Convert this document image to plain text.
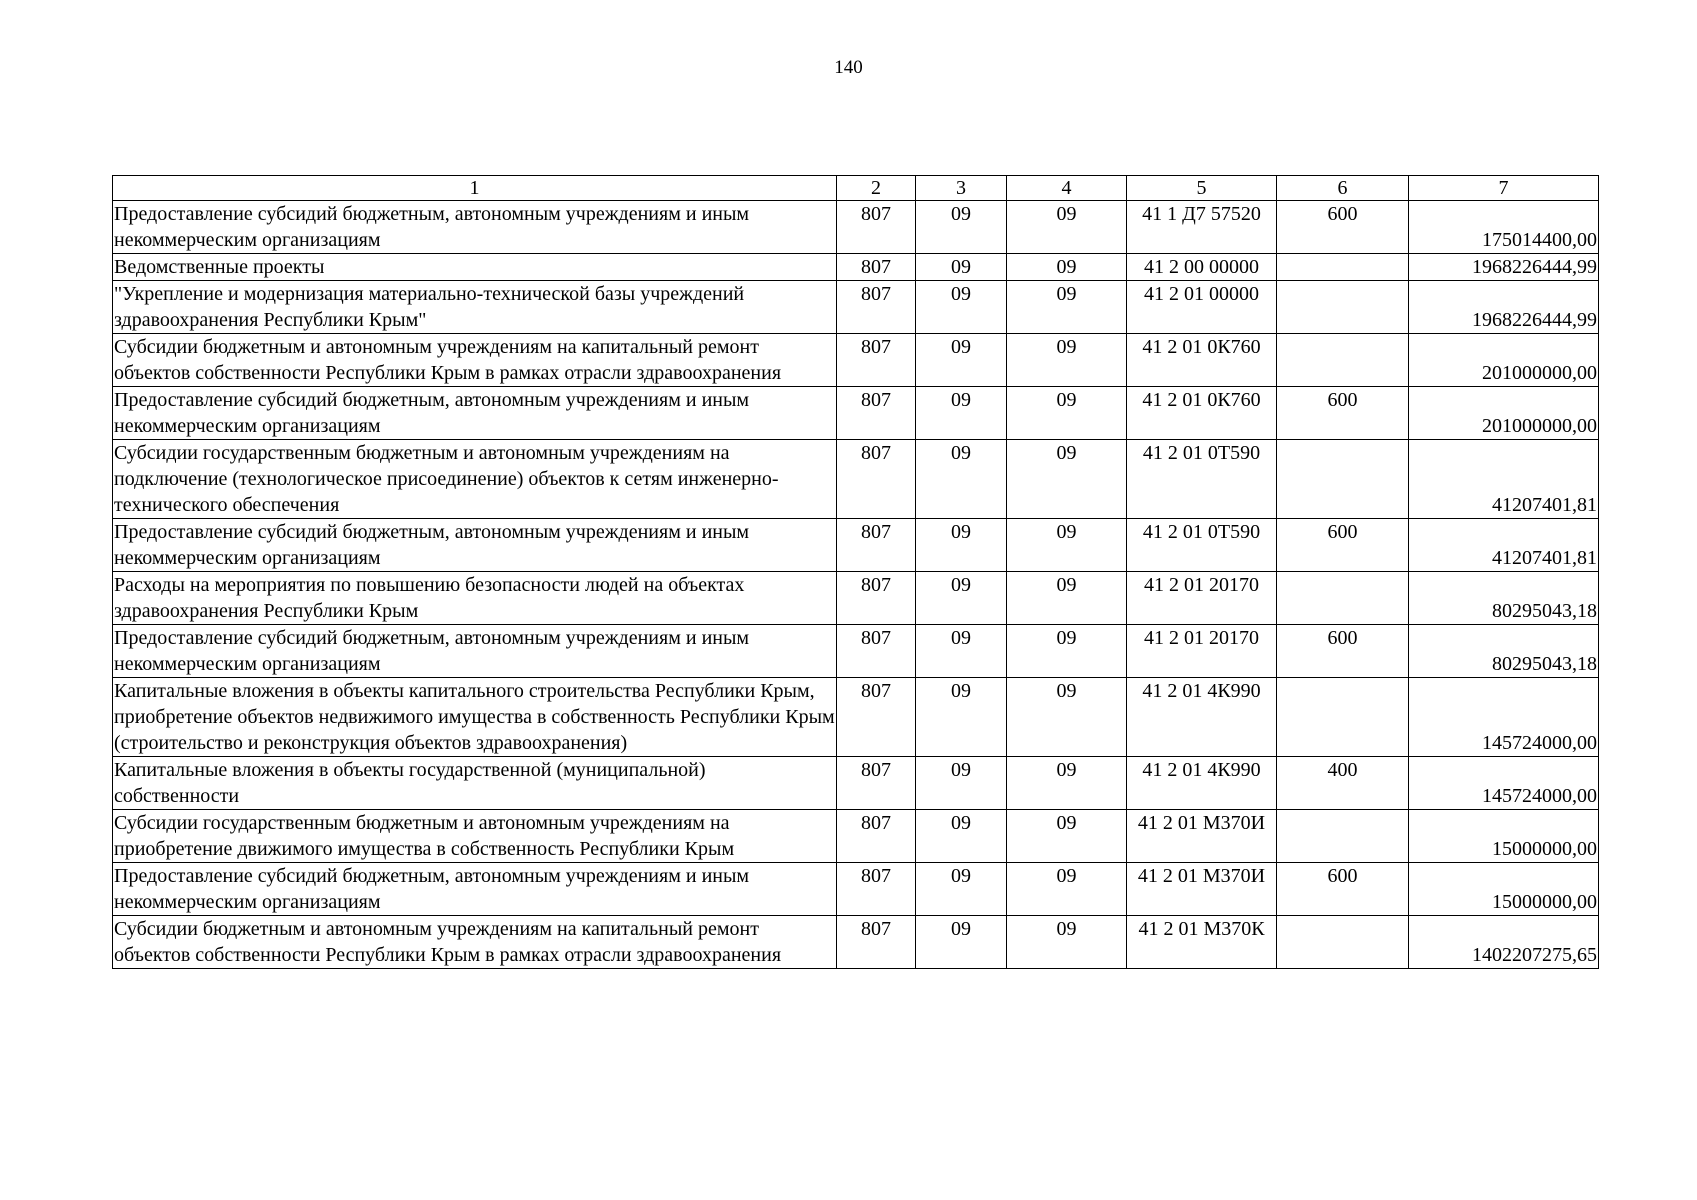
140
1	2	3	4	5	6	7
Предоставление субсидий бюджетным, автономным учреждениям и иным некоммерческим организациям	807	09	09	41 1 Д7 57520	600	175014400,00
Ведомственные проекты	807	09	09	41 2 00 00000		1968226444,99
"Укрепление и модернизация материально-технической базы учреждений здравоохранения Республики Крым"	807	09	09	41 2 01 00000		1968226444,99
Субсидии бюджетным и автономным учреждениям на капитальный ремонт объектов собственности Республики Крым в рамках отрасли здравоохранения	807	09	09	41 2 01 0К760		201000000,00
Предоставление субсидий бюджетным, автономным учреждениям и иным некоммерческим организациям	807	09	09	41 2 01 0К760	600	201000000,00
Субсидии государственным бюджетным и автономным учреждениям на подключение (технологическое присоединение) объектов к сетям инженерно-технического обеспечения	807	09	09	41 2 01 0Т590		41207401,81
Предоставление субсидий бюджетным, автономным учреждениям и иным некоммерческим организациям	807	09	09	41 2 01 0Т590	600	41207401,81
Расходы на мероприятия по повышению безопасности людей на объектах здравоохранения Республики Крым	807	09	09	41 2 01 20170		80295043,18
Предоставление субсидий бюджетным, автономным учреждениям и иным некоммерческим организациям	807	09	09	41 2 01 20170	600	80295043,18
Капитальные вложения в объекты капитального строительства Республики Крым, приобретение объектов недвижимого имущества в собственность Республики Крым (строительство и реконструкция объектов здравоохранения)	807	09	09	41 2 01 4К990		145724000,00
Капитальные вложения в объекты государственной (муниципальной) собственности	807	09	09	41 2 01 4К990	400	145724000,00
Субсидии государственным бюджетным и автономным учреждениям на приобретение движимого имущества в собственность Республики Крым	807	09	09	41 2 01 М370И		15000000,00
Предоставление субсидий бюджетным, автономным учреждениям и иным некоммерческим организациям	807	09	09	41 2 01 М370И	600	15000000,00
Субсидии бюджетным и автономным учреждениям на капитальный ремонт объектов собственности Республики Крым в рамках отрасли здравоохранения	807	09	09	41 2 01 М370К		1402207275,65
